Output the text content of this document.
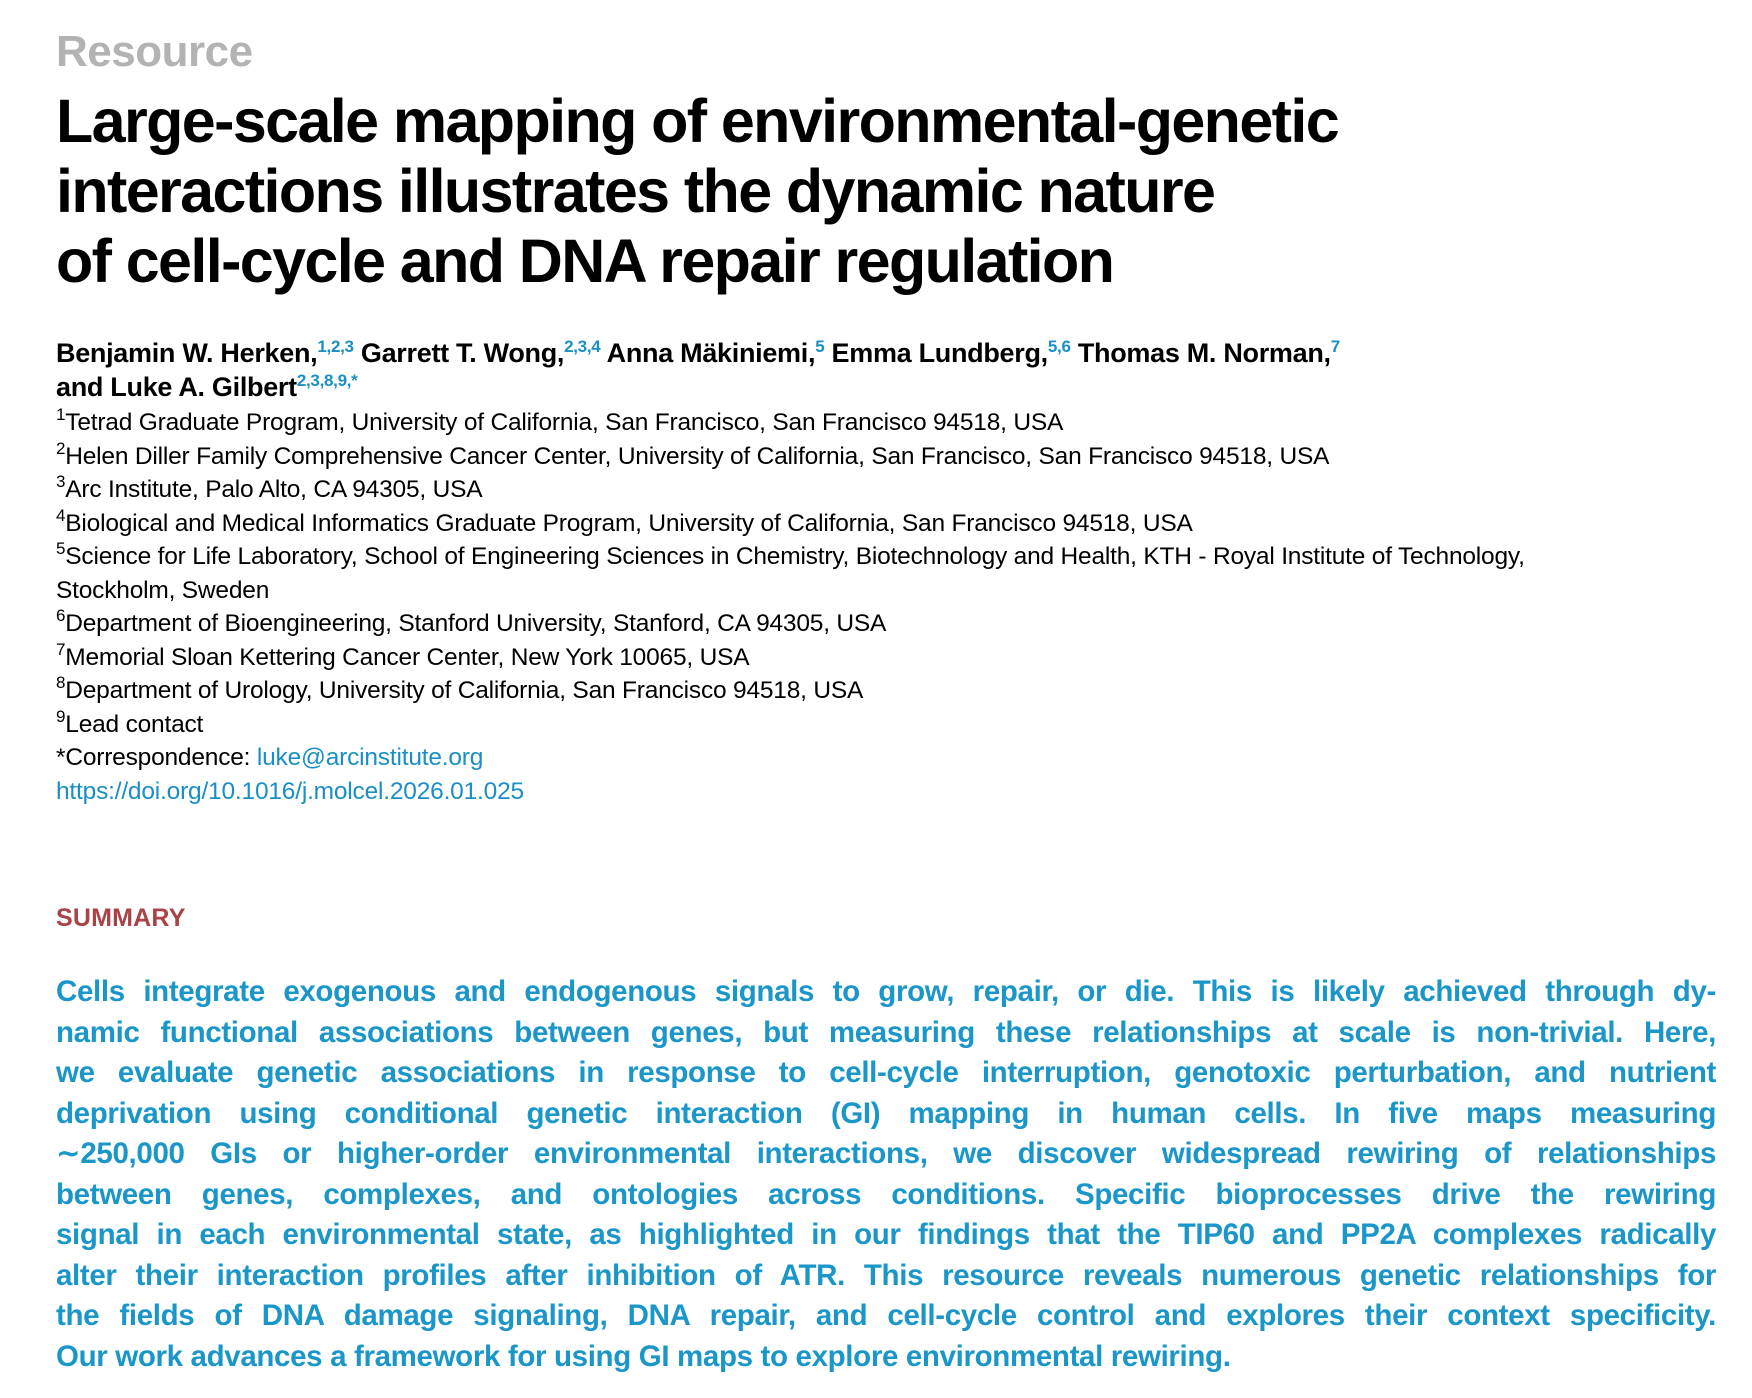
Resource
Large-scale mapping of environmental-genetic
interactions illustrates the dynamic nature
of cell-cycle and DNA repair regulation
Benjamin W. Herken,$^{1,2,3}$ Garrett T. Wong,$^{2,3,4}$ Anna Mäkiniemi,$^5$ Emma Lundberg,$^{5,6}$ Thomas M. Norman,$^7$
and Luke A. Gilbert$^{2,3,8,9,*}$
$^1$Tetrad Graduate Program, University of California, San Francisco, San Francisco 94518, USA
$^2$Helen Diller Family Comprehensive Cancer Center, University of California, San Francisco, San Francisco 94518, USA
$^3$Arc Institute, Palo Alto, CA 94305, USA
$^4$Biological and Medical Informatics Graduate Program, University of California, San Francisco 94518, USA
$^5$Science for Life Laboratory, School of Engineering Sciences in Chemistry, Biotechnology and Health, KTH - Royal Institute of Technology,
Stockholm, Sweden
$^6$Department of Bioengineering, Stanford University, Stanford, CA 94305, USA
$^7$Memorial Sloan Kettering Cancer Center, New York 10065, USA
$^8$Department of Urology, University of California, San Francisco 94518, USA
$^9$Lead contact
*Correspondence: luke@arcinstitute.org
https://doi.org/10.1016/j.molcel.2026.01.025
SUMMARY
Cells integrate exogenous and endogenous signals to grow, repair, or die. This is likely achieved through dy-
namic functional associations between genes, but measuring these relationships at scale is non-trivial. Here,
we evaluate genetic associations in response to cell-cycle interruption, genotoxic perturbation, and nutrient
deprivation using conditional genetic interaction (GI) mapping in human cells. In five maps measuring
∼250,000 GIs or higher-order environmental interactions, we discover widespread rewiring of relationships
between genes, complexes, and ontologies across conditions. Specific bioprocesses drive the rewiring
signal in each environmental state, as highlighted in our findings that the TIP60 and PP2A complexes radically
alter their interaction profiles after inhibition of ATR. This resource reveals numerous genetic relationships for
the fields of DNA damage signaling, DNA repair, and cell-cycle control and explores their context specificity.
Our work advances a framework for using GI maps to explore environmental rewiring.
